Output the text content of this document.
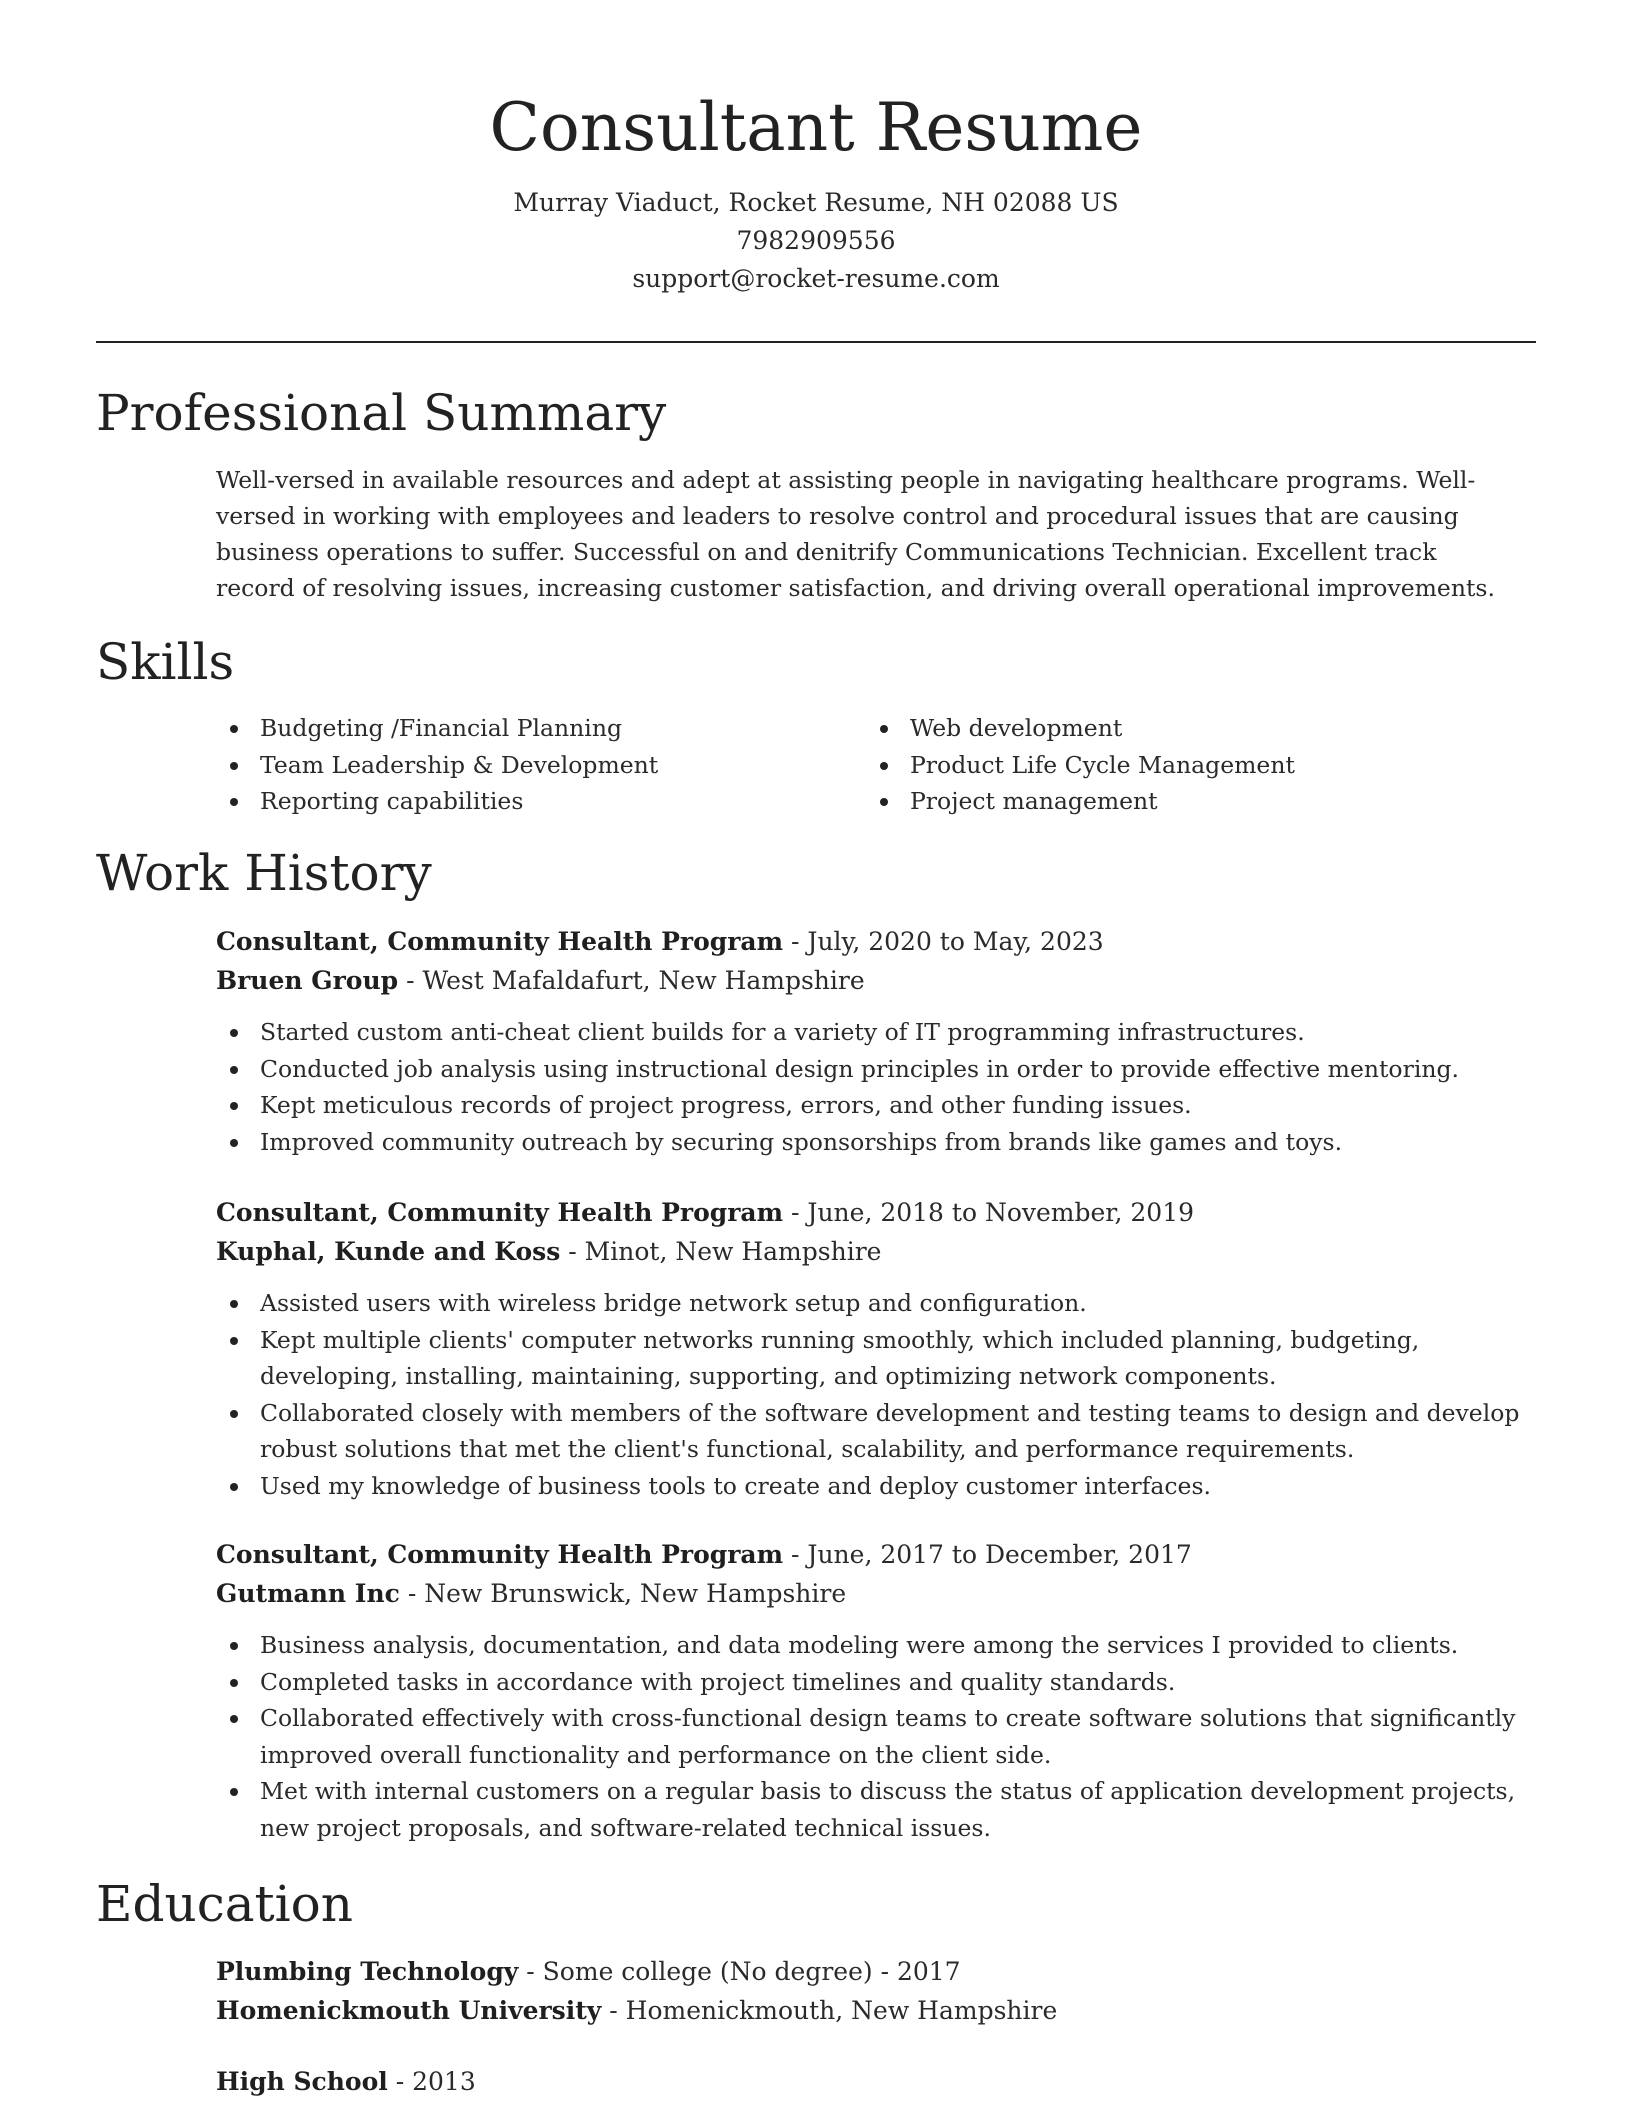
Consultant Resume
Murray Viaduct, Rocket Resume, NH 02088 US
7982909556
support@rocket-resume.com
Professional Summary

Well-versed in available resources and adept at assisting people in navigating healthcare programs. Well-versed in working with employees and leaders to resolve control and procedural issues that are causing business operations to suffer. Successful on and denitrify Communications Technician. Excellent track record of resolving issues, increasing customer satisfaction, and driving overall operational improvements.

Skills
Budgeting /Financial Planning
Team Leadership & Development
Reporting capabilities
Web development
Product Life Cycle Management
Project management
Work History
Consultant, Community Health Program - July, 2020 to May, 2023
Bruen Group - West Mafaldafurt, New Hampshire
Started custom anti-cheat client builds for a variety of IT programming infrastructures.
Conducted job analysis using instructional design principles in order to provide effective mentoring.
Kept meticulous records of project progress, errors, and other funding issues.
Improved community outreach by securing sponsorships from brands like games and toys.
Consultant, Community Health Program - June, 2018 to November, 2019
Kuphal, Kunde and Koss - Minot, New Hampshire
Assisted users with wireless bridge network setup and configuration.
Kept multiple clients' computer networks running smoothly, which included planning, budgeting, developing, installing, maintaining, supporting, and optimizing network components.
Collaborated closely with members of the software development and testing teams to design and develop robust solutions that met the client's functional, scalability, and performance requirements.
Used my knowledge of business tools to create and deploy customer interfaces.
Consultant, Community Health Program - June, 2017 to December, 2017
Gutmann Inc - New Brunswick, New Hampshire
Business analysis, documentation, and data modeling were among the services I provided to clients.
Completed tasks in accordance with project timelines and quality standards.
Collaborated effectively with cross-functional design teams to create software solutions that significantly improved overall functionality and performance on the client side.
Met with internal customers on a regular basis to discuss the status of application development projects, new project proposals, and software-related technical issues.
Education
Plumbing Technology - Some college (No degree) - 2017
Homenickmouth University - Homenickmouth, New Hampshire
High School - 2013
